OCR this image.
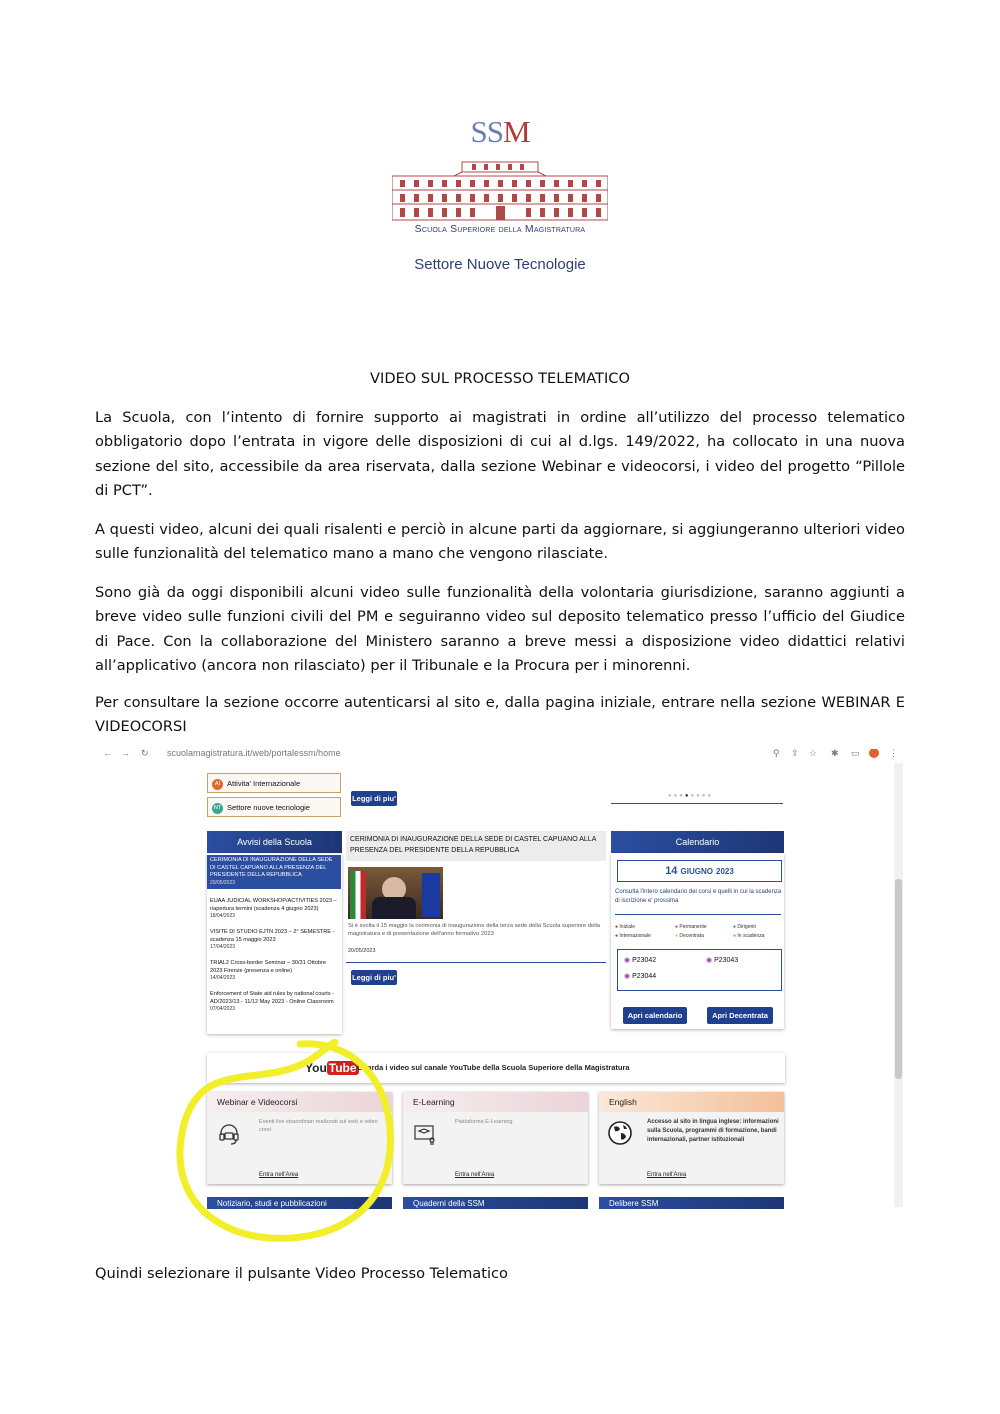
SSM
Scuola Superiore della Magistratura
Settore Nuove Tecnologie
VIDEO SUL PROCESSO TELEMATICO
La Scuola, con l’intento di fornire supporto ai magistrati in ordine all’utilizzo del processo telematico obbligatorio dopo l’entrata in vigore delle disposizioni di cui al d.lgs. 149/2022, ha collocato in una nuova sezione del sito, accessibile da area riservata, dalla sezione Webinar e videocorsi, i video del progetto “Pillole di PCT”.
A questi video, alcuni dei quali risalenti e perciò in alcune parti da aggiornare, si aggiungeranno ulteriori video sulle funzionalità del telematico mano a mano che vengono rilasciate.
Sono già da oggi disponibili alcuni video sulle funzionalità della volontaria giurisdizione, saranno aggiunti a breve video sulle funzioni civili del PM e seguiranno video sul deposito telematico presso l’ufficio del Giudice di Pace. Con la collaborazione del Ministero saranno a breve messi a disposizione video didattici relativi all’applicativo (ancora non rilasciato) per il Tribunale e la Procura per i minorenni.
Per consultare la sezione occorre autenticarsi al sito e, dalla pagina iniziale, entrare nella sezione WEBINAR E VIDEOCORSI
Quindi selezionare il pulsante Video Processo Telematico
← → ↻ scuolamagistratura.it/web/portalessm/home	⚲ ⇪ ☆ ✱ ▭	⋮
AI Attivita' Internazionale
NT Settore nuove tecnologie
Leggi di piu'	●●●●●●●●
Avvisi della Scuola
CERIMONIA DI INAUGURAZIONE DELLA SEDE DI CASTEL CAPUANO ALLA PRESENZA DEL PRESIDENTE DELLA REPUBBLICA
20/05/2023
EUAA JUDICIAL WORKSHOP/ACTIVITIES 2023 – riapertura termini (scadenza 4 giugno 2023)
18/04/2023
VISITE DI STUDIO EJTN 2023 – 2° SEMESTRE - scadenza 15 maggio 2023
17/04/2023
TRIAL2 Cross-border Seminar – 30/31 Ottobre 2023 Firenze (presenza e online)
14/04/2023
Enforcement of State aid rules by national courts - AD/2023/13 - 11/12 May 2023 - Online Classroom
07/04/2023
CERIMONIA DI INAUGURAZIONE DELLA SEDE DI CASTEL CAPUANO ALLA PRESENZA DEL PRESIDENTE DELLA REPUBBLICA
Si è svolta il 15 maggio la cerimonia di inaugurazione della terza sede della Scuola superiore della magistratura e di presentazione dell'anno formativo 2023
20/05/2023
Leggi di piu'
Calendario
14 GIUGNO 2023
Consulta l'intero calendario dei corsi e quelli in cui la scadenza di iscrizione e' prossima
● Iniziale	● Permanente	● Dirigenti
● Internazionale	● Decentrata	● In scadenza
◉ P23042	◉ P23043
◉ P23044
Apri calendario	Apri Decentrata
You Tube Guarda i video sul canale YouTube della Scuola Superiore della Magistratura
Webinar e Videocorsi
Eventi live straordinari realizzati sul web e video corsi
Entra nell'Area
E-Learning
Piattaforma E-Learning
Entra nell'Area
English
Accesso al sito in lingua inglese: informazioni sulla Scuola, programmi di formazione, bandi internazionali, partner istituzionali
Entra nell'Area
Notiziario, studi e pubblicazioni	Quaderni della SSM	Delibere SSM
